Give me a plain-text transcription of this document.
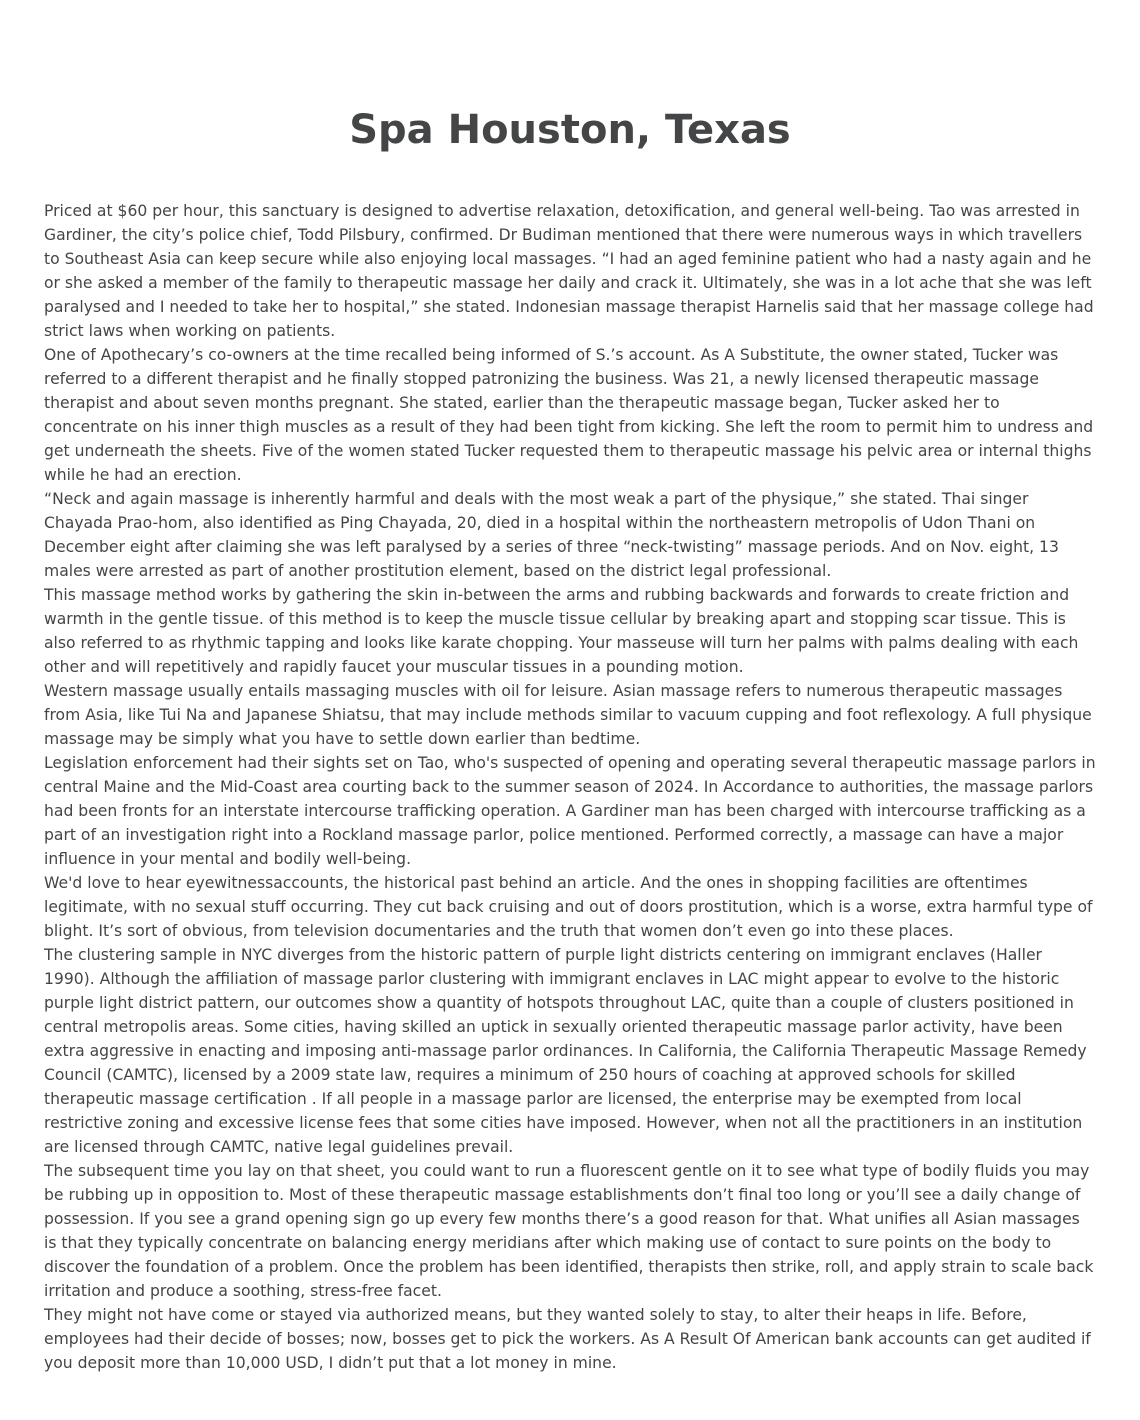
Spa Houston, Texas

Priced at $60 per hour, this sanctuary is designed to advertise relaxation, detoxification, and general well-being. Tao was arrested in Gardiner, the city’s police chief, Todd Pilsbury, confirmed. Dr Budiman mentioned that there were numerous ways in which travellers to Southeast Asia can keep secure while also enjoying local massages. “I had an aged feminine patient who had a nasty again and he or she asked a member of the family to therapeutic massage her daily and crack it. Ultimately, she was in a lot ache that she was left paralysed and I needed to take her to hospital,” she stated. Indonesian massage therapist Harnelis said that her massage college had strict laws when working on patients.

One of Apothecary’s co-owners at the time recalled being informed of S.’s account. As A Substitute, the owner stated, Tucker was referred to a different therapist and he finally stopped patronizing the business. Was 21, a newly licensed therapeutic massage therapist and about seven months pregnant. She stated, earlier than the therapeutic massage began, Tucker asked her to concentrate on his inner thigh muscles as a result of they had been tight from kicking. She left the room to permit him to undress and get underneath the sheets. Five of the women stated Tucker requested them to therapeutic massage his pelvic area or internal thighs while he had an erection.

“Neck and again massage is inherently harmful and deals with the most weak a part of the physique,” she stated. Thai singer Chayada Prao-hom, also identified as Ping Chayada, 20, died in a hospital within the northeastern metropolis of Udon Thani on December eight after claiming she was left paralysed by a series of three “neck-twisting” massage periods. And on Nov. eight, 13 males were arrested as part of another prostitution element, based on the district legal professional.

This massage method works by gathering the skin in-between the arms and rubbing backwards and forwards to create friction and warmth in the gentle tissue. of this method is to keep the muscle tissue cellular by breaking apart and stopping scar tissue. This is also referred to as rhythmic tapping and looks like karate chopping. Your masseuse will turn her palms with palms dealing with each other and will repetitively and rapidly faucet your muscular tissues in a pounding motion.

Western massage usually entails massaging muscles with oil for leisure. Asian massage refers to numerous therapeutic massages from Asia, like Tui Na and Japanese Shiatsu, that may include methods similar to vacuum cupping and foot reflexology. A full physique massage may be simply what you have to settle down earlier than bedtime.

Legislation enforcement had their sights set on Tao, who's suspected of opening and operating several therapeutic massage parlors in central Maine and the Mid-Coast area courting back to the summer season of 2024. In Accordance to authorities, the massage parlors had been fronts for an interstate intercourse trafficking operation. A Gardiner man has been charged with intercourse trafficking as a part of an investigation right into a Rockland massage parlor, police mentioned. Performed correctly, a massage can have a major influence in your mental and bodily well-being.

We'd love to hear eyewitnessaccounts, the historical past behind an article. And the ones in shopping facilities are oftentimes legitimate, with no sexual stuff occurring. They cut back cruising and out of doors prostitution, which is a worse, extra harmful type of blight. It’s sort of obvious, from television documentaries and the truth that women don’t even go into these places.

The clustering sample in NYC diverges from the historic pattern of purple light districts centering on immigrant enclaves (Haller 1990). Although the affiliation of massage parlor clustering with immigrant enclaves in LAC might appear to evolve to the historic purple light district pattern, our outcomes show a quantity of hotspots throughout LAC, quite than a couple of clusters positioned in central metropolis areas. Some cities, having skilled an uptick in sexually oriented therapeutic massage parlor activity, have been extra aggressive in enacting and imposing anti-massage parlor ordinances. In California, the California Therapeutic Massage Remedy Council (CAMTC), licensed by a 2009 state law, requires a minimum of 250 hours of coaching at approved schools for skilled therapeutic massage certification . If all people in a massage parlor are licensed, the enterprise may be exempted from local restrictive zoning and excessive license fees that some cities have imposed. However, when not all the practitioners in an institution are licensed through CAMTC, native legal guidelines prevail.

The subsequent time you lay on that sheet, you could want to run a fluorescent gentle on it to see what type of bodily fluids you may be rubbing up in opposition to. Most of these therapeutic massage establishments don’t final too long or you’ll see a daily change of possession. If you see a grand opening sign go up every few months there’s a good reason for that. What unifies all Asian massages is that they typically concentrate on balancing energy meridians after which making use of contact to sure points on the body to discover the foundation of a problem. Once the problem has been identified, therapists then strike, roll, and apply strain to scale back irritation and produce a soothing, stress-free facet.

They might not have come or stayed via authorized means, but they wanted solely to stay, to alter their heaps in life. Before, employees had their decide of bosses; now, bosses get to pick the workers. As A Result Of American bank accounts can get audited if you deposit more than 10,000 USD, I didn’t put that a lot money in mine.
